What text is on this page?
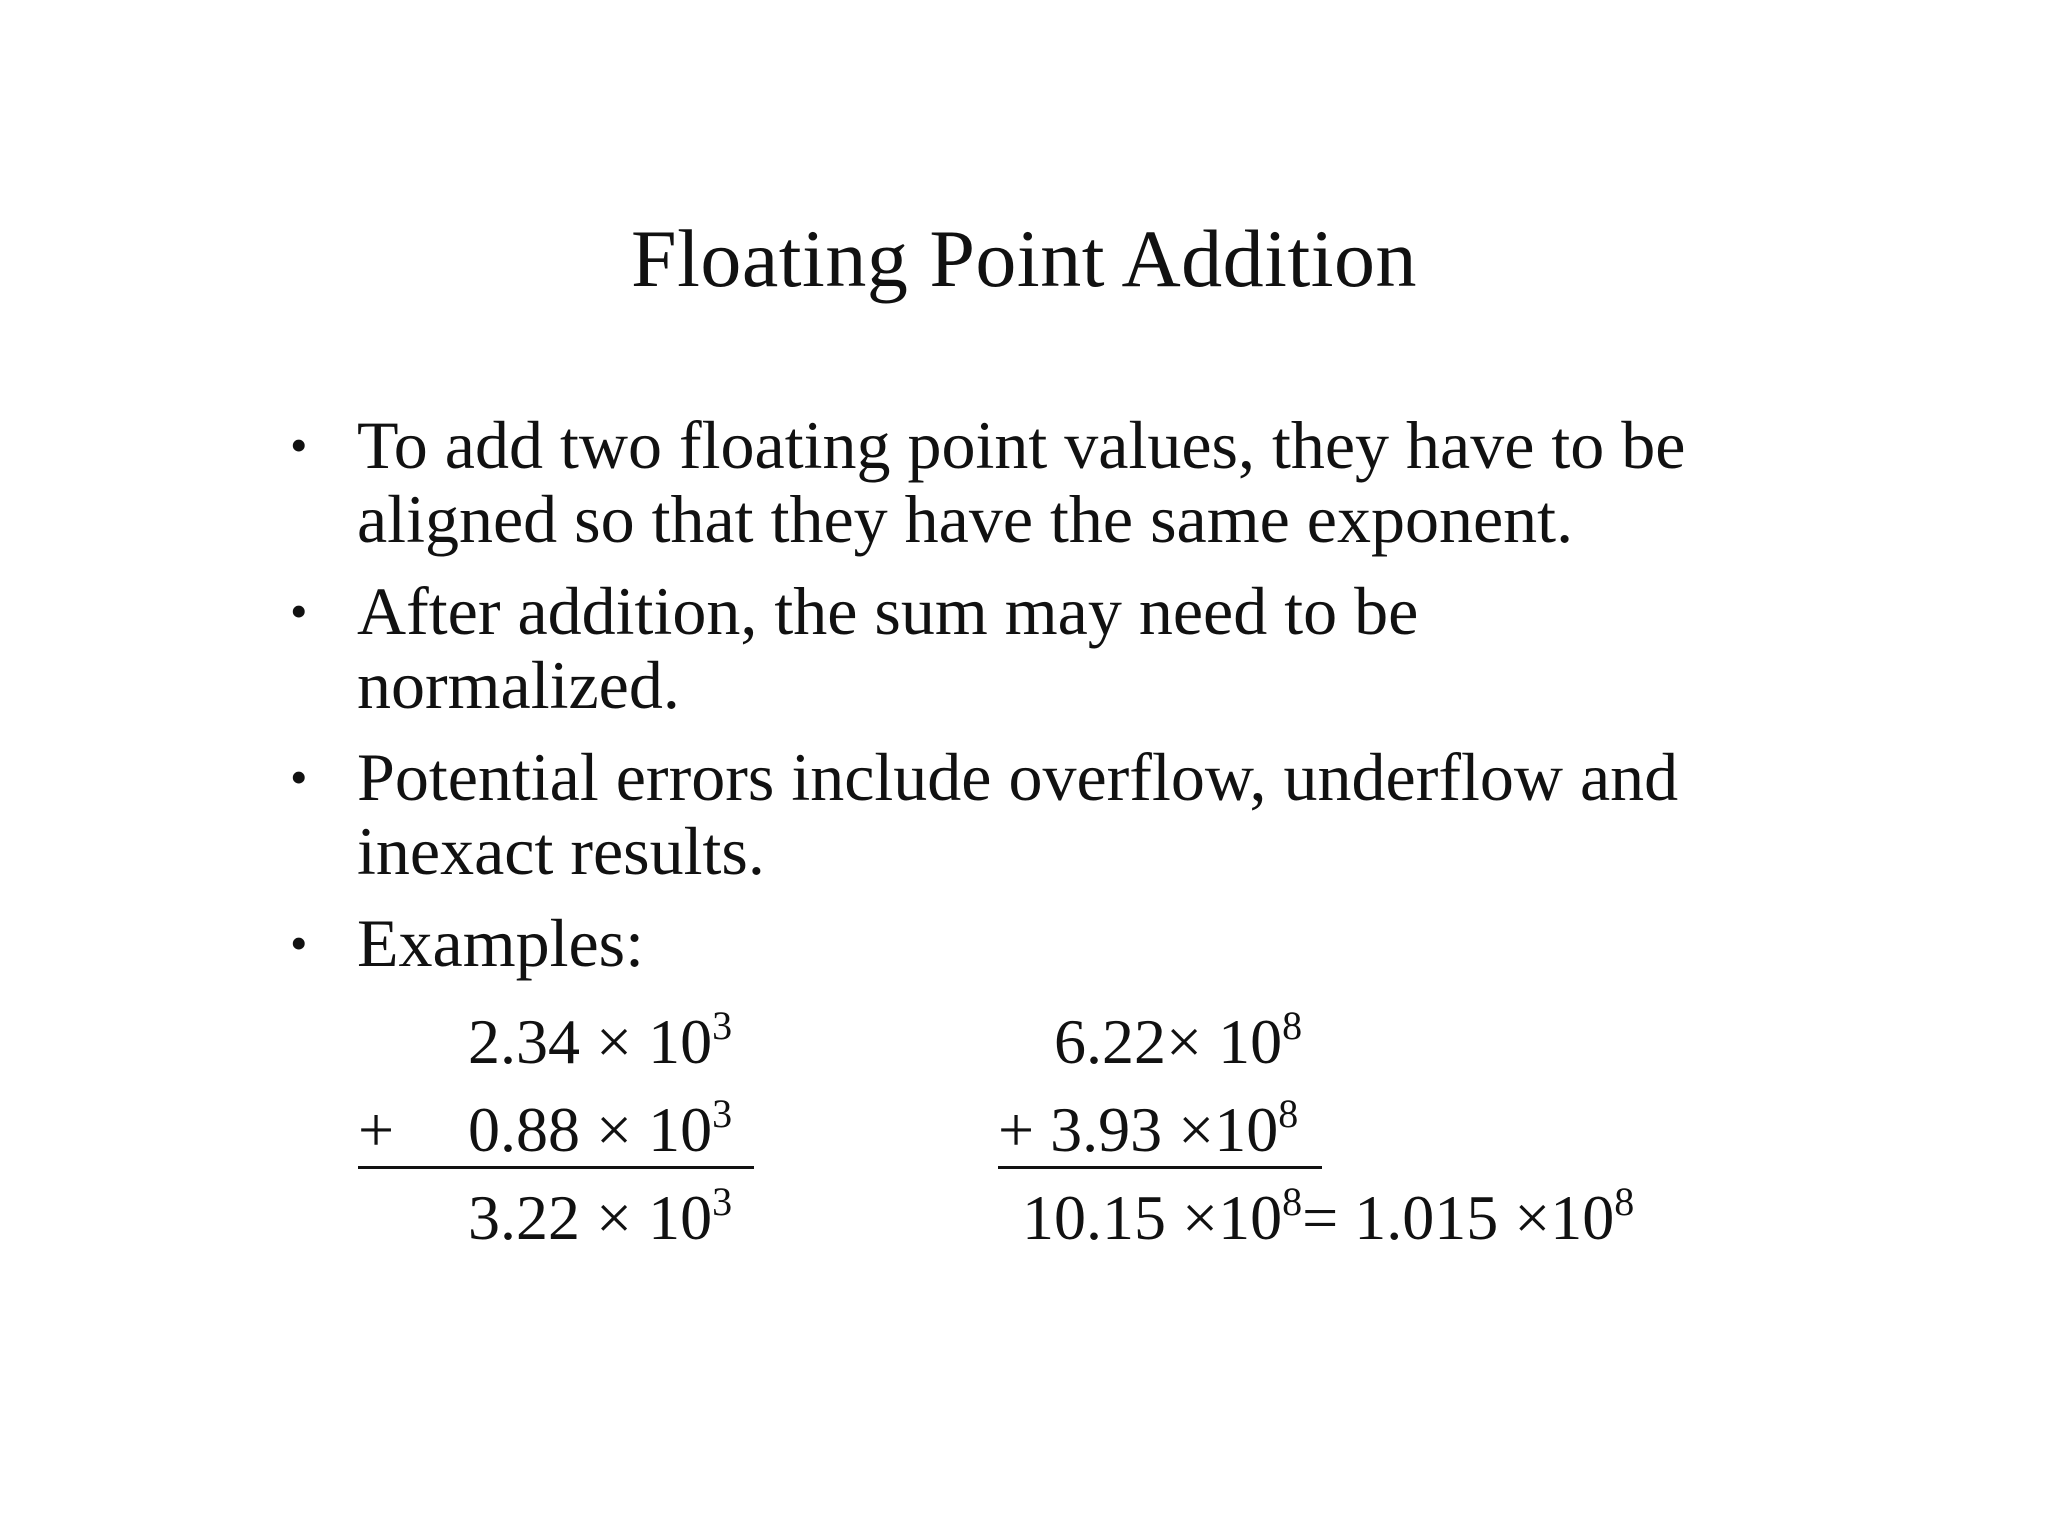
Floating Point Addition
• To add two floating point values, they have to be
aligned so that they have the same exponent.
• After addition, the sum may need to be
normalized.
• Potential errors include overflow, underflow and
inexact results.
• Examples:
$2.34 \times 10^3$
+ $0.88 \times 10^3$
$3.22 \times 10^3$
$6.22\times 10^8$
+ $3.93 \times 10^8$
$10.15 \times 10^8= 1.015 \times 10^8$
